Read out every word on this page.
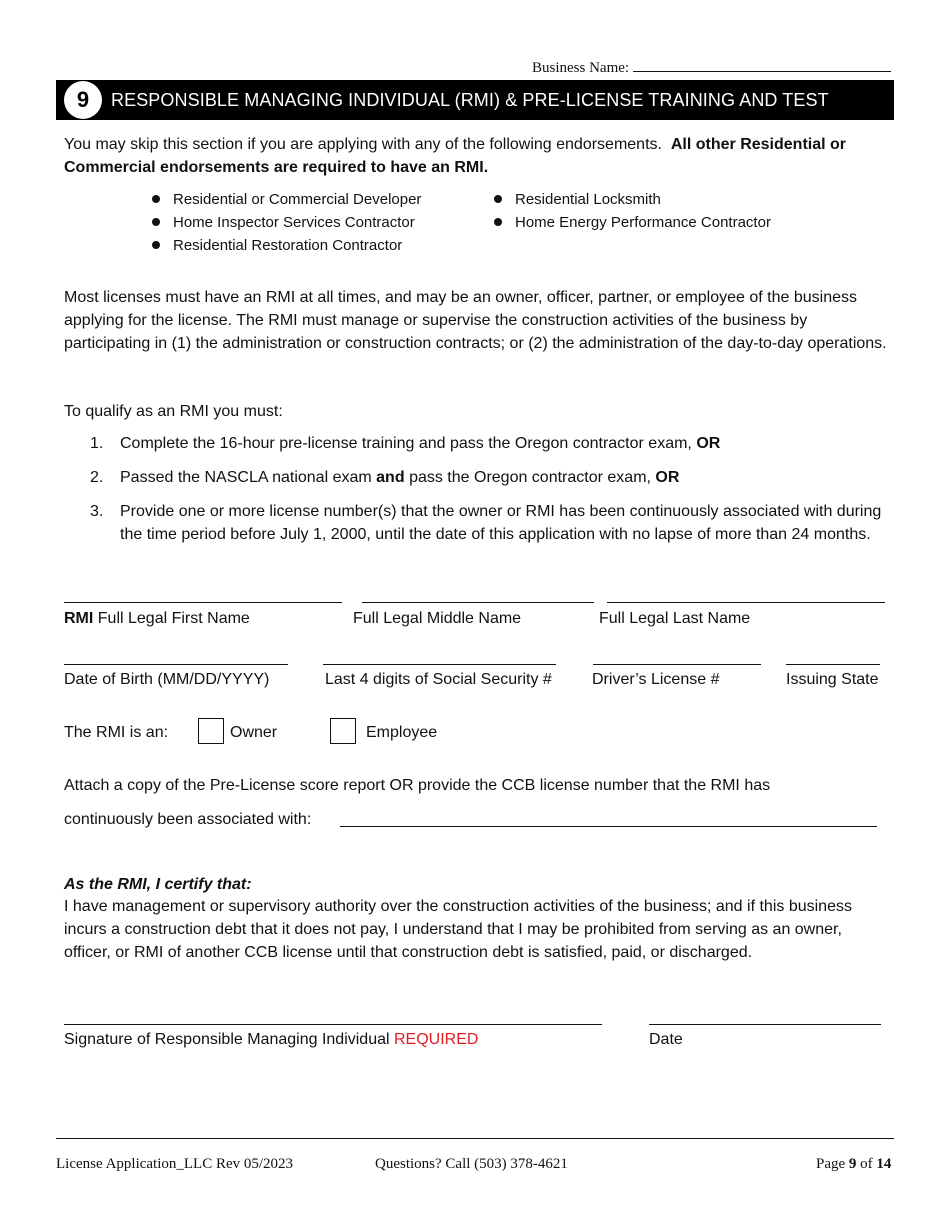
Business Name:
9	RESPONSIBLE MANAGING INDIVIDUAL (RMI) & PRE-LICENSE TRAINING AND TEST
You may skip this section if you are applying with any of the following endorsements. All other Residential or Commercial endorsements are required to have an RMI.
Residential or Commercial Developer
Home Inspector Services Contractor
Residential Restoration Contractor
Residential Locksmith
Home Energy Performance Contractor
Most licenses must have an RMI at all times, and may be an owner, officer, partner, or employee of the business applying for the license. The RMI must manage or supervise the construction activities of the business by participating in (1) the administration or construction contracts; or (2) the administration of the day-to-day operations.
To qualify as an RMI you must:
1. Complete the 16-hour pre-license training and pass the Oregon contractor exam, OR
2. Passed the NASCLA national exam and pass the Oregon contractor exam, OR
3. Provide one or more license number(s) that the owner or RMI has been continuously associated with during the time period before July 1, 2000, until the date of this application with no lapse of more than 24 months.
RMI Full Legal First Name	Full Legal Middle Name	Full Legal Last Name
Date of Birth (MM/DD/YYYY)	Last 4 digits of Social Security #	Driver’s License #	Issuing State
The RMI is an:	Owner	Employee
Attach a copy of the Pre-License score report OR provide the CCB license number that the RMI has
continuously been associated with:
As the RMI, I certify that:
I have management or supervisory authority over the construction activities of the business; and if this business incurs a construction debt that it does not pay, I understand that I may be prohibited from serving as an owner, officer, or RMI of another CCB license until that construction debt is satisfied, paid, or discharged.
Signature of Responsible Managing Individual REQUIRED	Date
License Application_LLC Rev 05/2023	Questions? Call (503) 378-4621	Page 9 of 14
